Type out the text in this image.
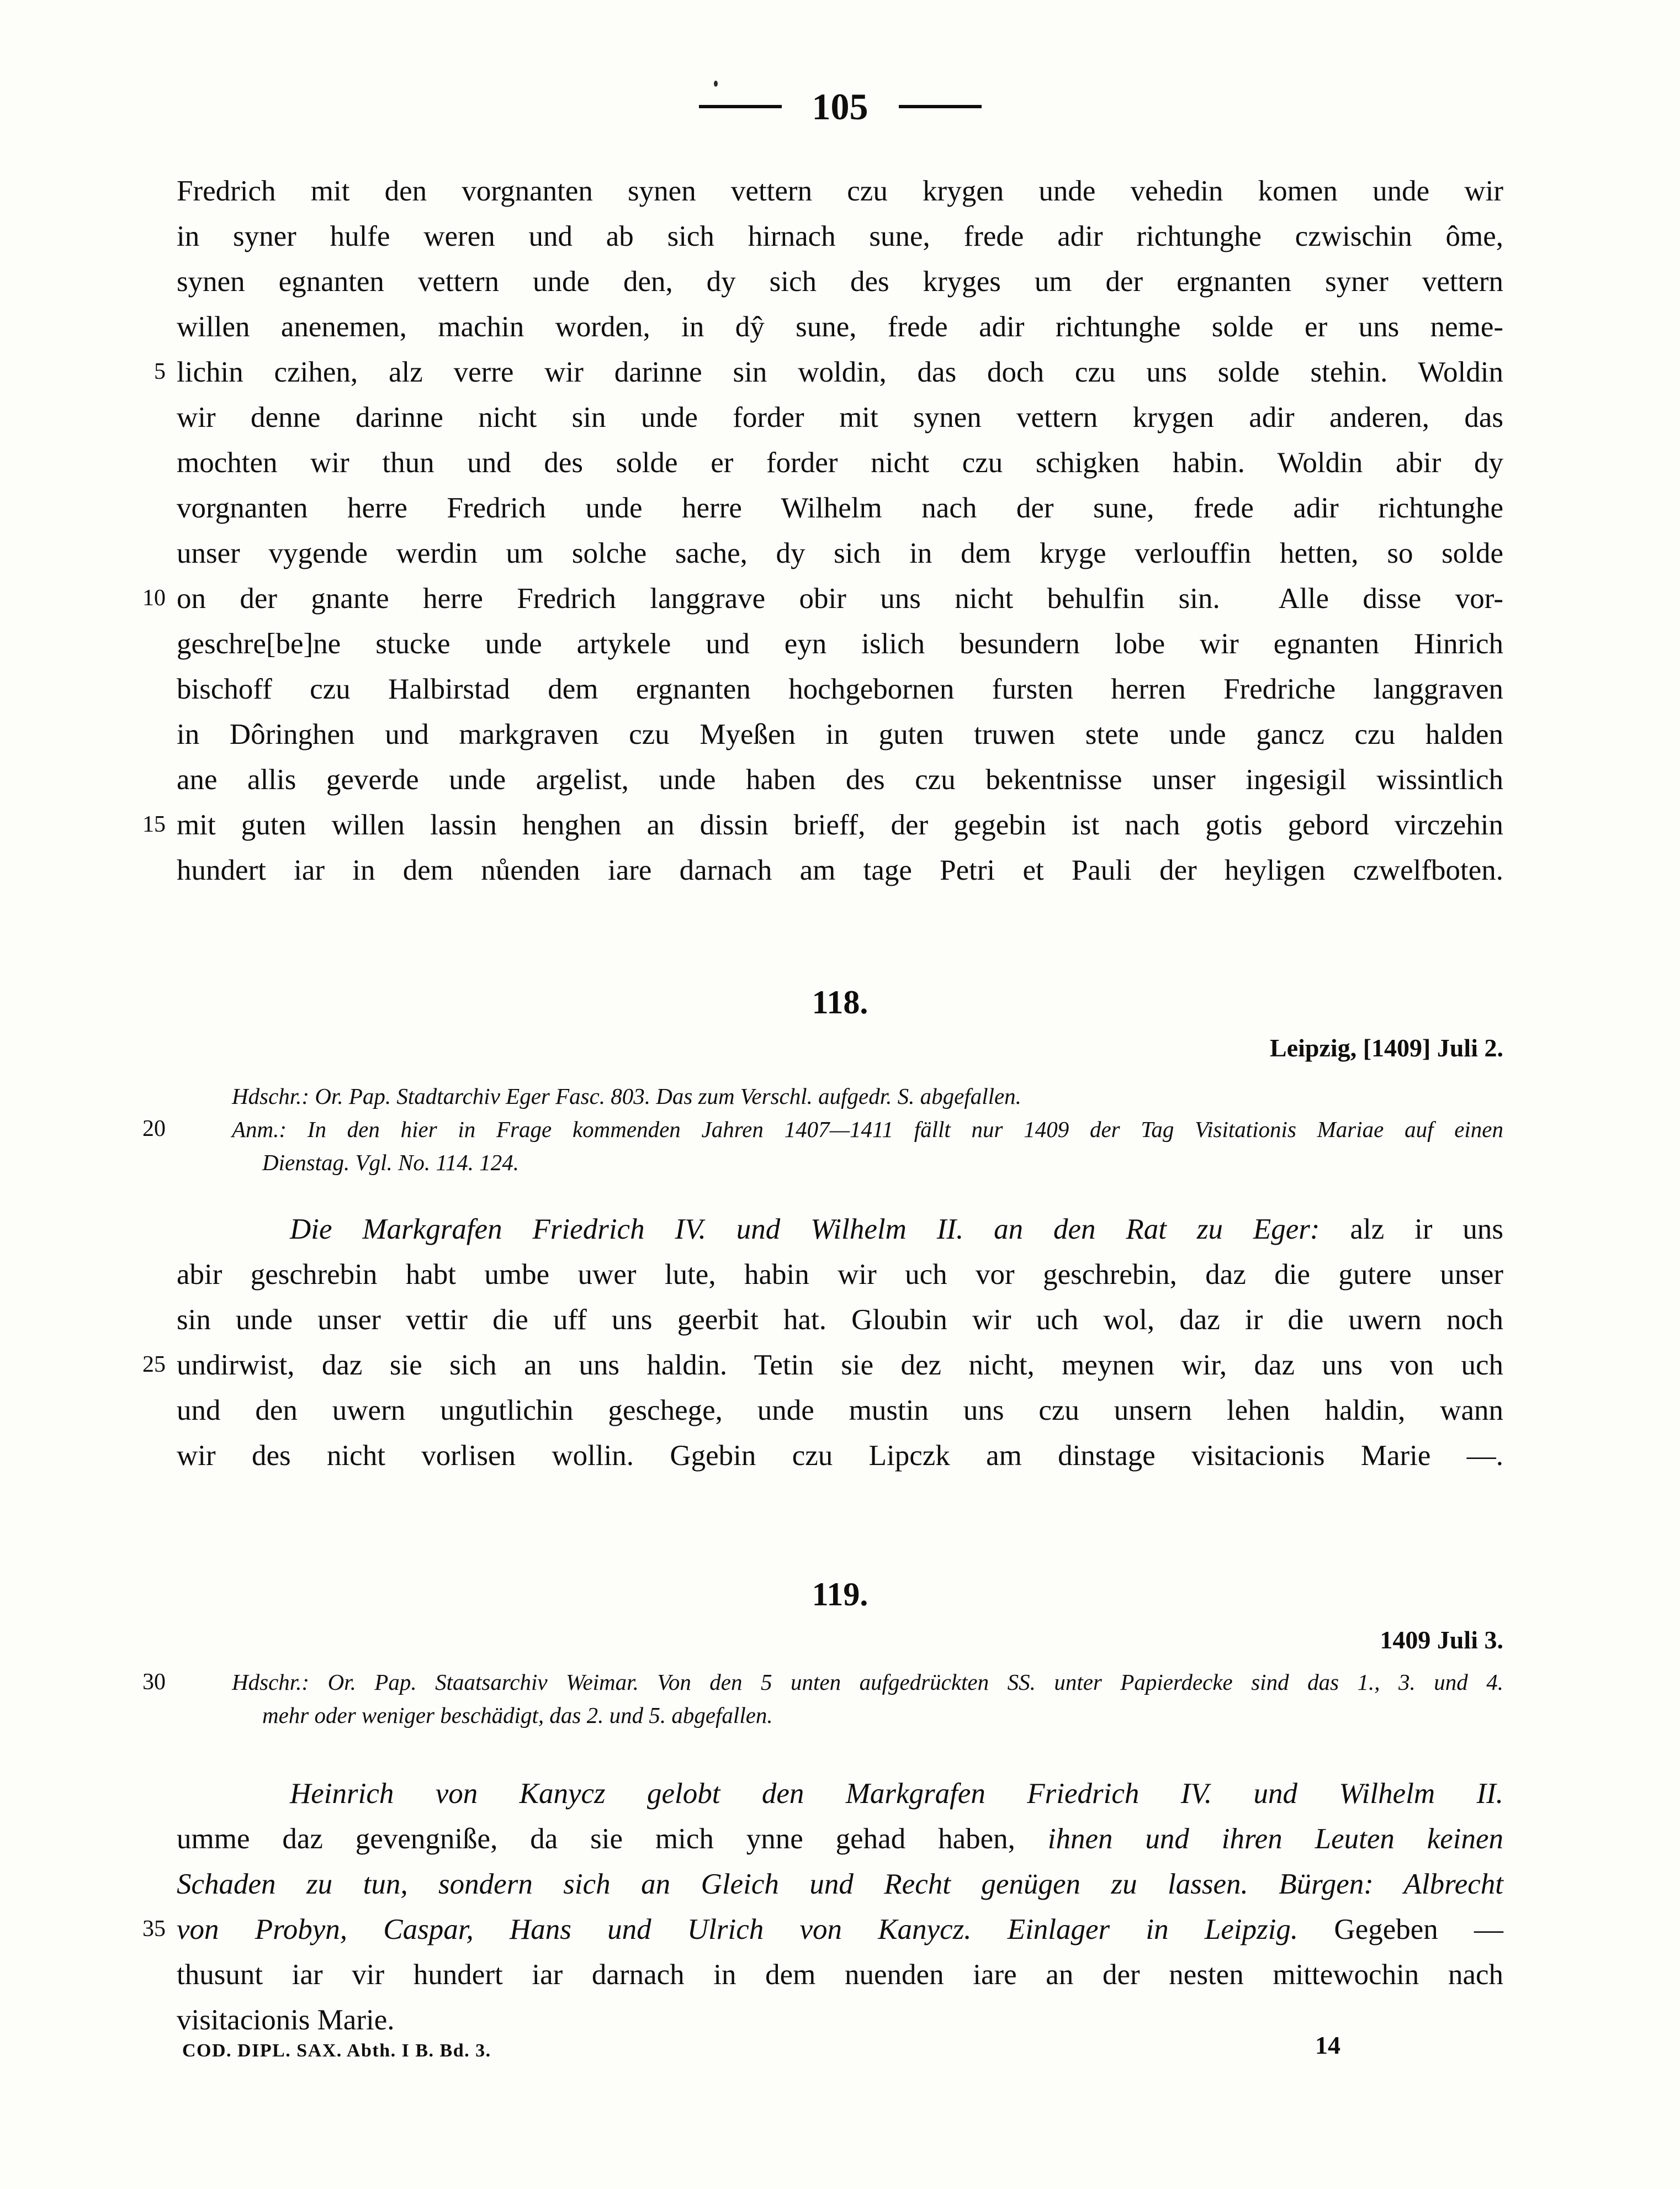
105
5
10
15
20
25
30
35
Fredrich mit den vorgnanten synen vettern czu krygen unde vehedin komen unde wir
in syner hulfe weren und ab sich hirnach sune, frede adir richtunghe czwischin ôme,
synen egnanten vettern unde den, dy sich des kryges um der ergnanten syner vettern
willen anenemen, machin worden, in dŷ sune, frede adir richtunghe solde er uns neme-
lichin czihen, alz verre wir darinne sin woldin, das doch czu uns solde stehin. Woldin
wir denne darinne nicht sin unde forder mit synen vettern krygen adir anderen, das
mochten wir thun und des solde er forder nicht czu schigken habin. Woldin abir dy
vorgnanten herre Fredrich unde herre Wilhelm nach der sune, frede adir richtunghe
unser vygende werdin um solche sache, dy sich in dem kryge verlouffin hetten, so solde
on der gnante herre Fredrich langgrave obir uns nicht behulfin sin.  Alle disse vor-
geschre[be]ne stucke unde artykele und eyn islich besundern lobe wir egnanten Hinrich
bischoff czu Halbirstad dem ergnanten hochgebornen fursten herren Fredriche langgraven
in Dôringhen und markgraven czu Myeßen in guten truwen stete unde gancz czu halden
ane allis geverde unde argelist, unde haben des czu bekentnisse unser ingesigil wissintlich
mit guten willen lassin henghen an dissin brieff, der gegebin ist nach gotis gebord virczehin
hundert iar in dem nůenden iare darnach am tage Petri et Pauli der heyligen czwelfboten.
118.
Leipzig, [1409] Juli 2.
Hdschr.: Or. Pap. Stadtarchiv Eger Fasc. 803. Das zum Verschl. aufgedr. S. abgefallen.
Anm.: In den hier in Frage kommenden Jahren 1407—1411 fällt nur 1409 der Tag Visitationis Mariae auf einen
Dienstag. Vgl. No. 114. 124.
Die Markgrafen Friedrich IV. und Wilhelm II. an den Rat zu Eger: alz ir uns
abir geschrebin habt umbe uwer lute, habin wir uch vor geschrebin, daz die gutere unser
sin unde unser vettir die uff uns geerbit hat. Gloubin wir uch wol, daz ir die uwern noch
undirwist, daz sie sich an uns haldin. Tetin sie dez nicht, meynen wir, daz uns von uch
und den uwern ungutlichin geschege, unde mustin uns czu unsern lehen haldin, wann
wir des nicht vorlisen wollin. Ggebin czu Lipczk am dinstage visitacionis Marie —.
119.
1409 Juli 3.
Hdschr.: Or. Pap. Staatsarchiv Weimar. Von den 5 unten aufgedrückten SS. unter Papierdecke sind das 1., 3. und 4.
mehr oder weniger beschädigt, das 2. und 5. abgefallen.
Heinrich von Kanycz gelobt den Markgrafen Friedrich IV. und Wilhelm II.
umme daz gevengniße, da sie mich ynne gehad haben, ihnen und ihren Leuten keinen
Schaden zu tun, sondern sich an Gleich und Recht genügen zu lassen. Bürgen: Albrecht
von Probyn, Caspar, Hans und Ulrich von Kanycz. Einlager in Leipzig. Gegeben —
thusunt iar vir hundert iar darnach in dem nuenden iare an der nesten mittewochin nach
visitacionis Marie.
COD. DIPL. SAX. Abth. I B. Bd. 3.	14
